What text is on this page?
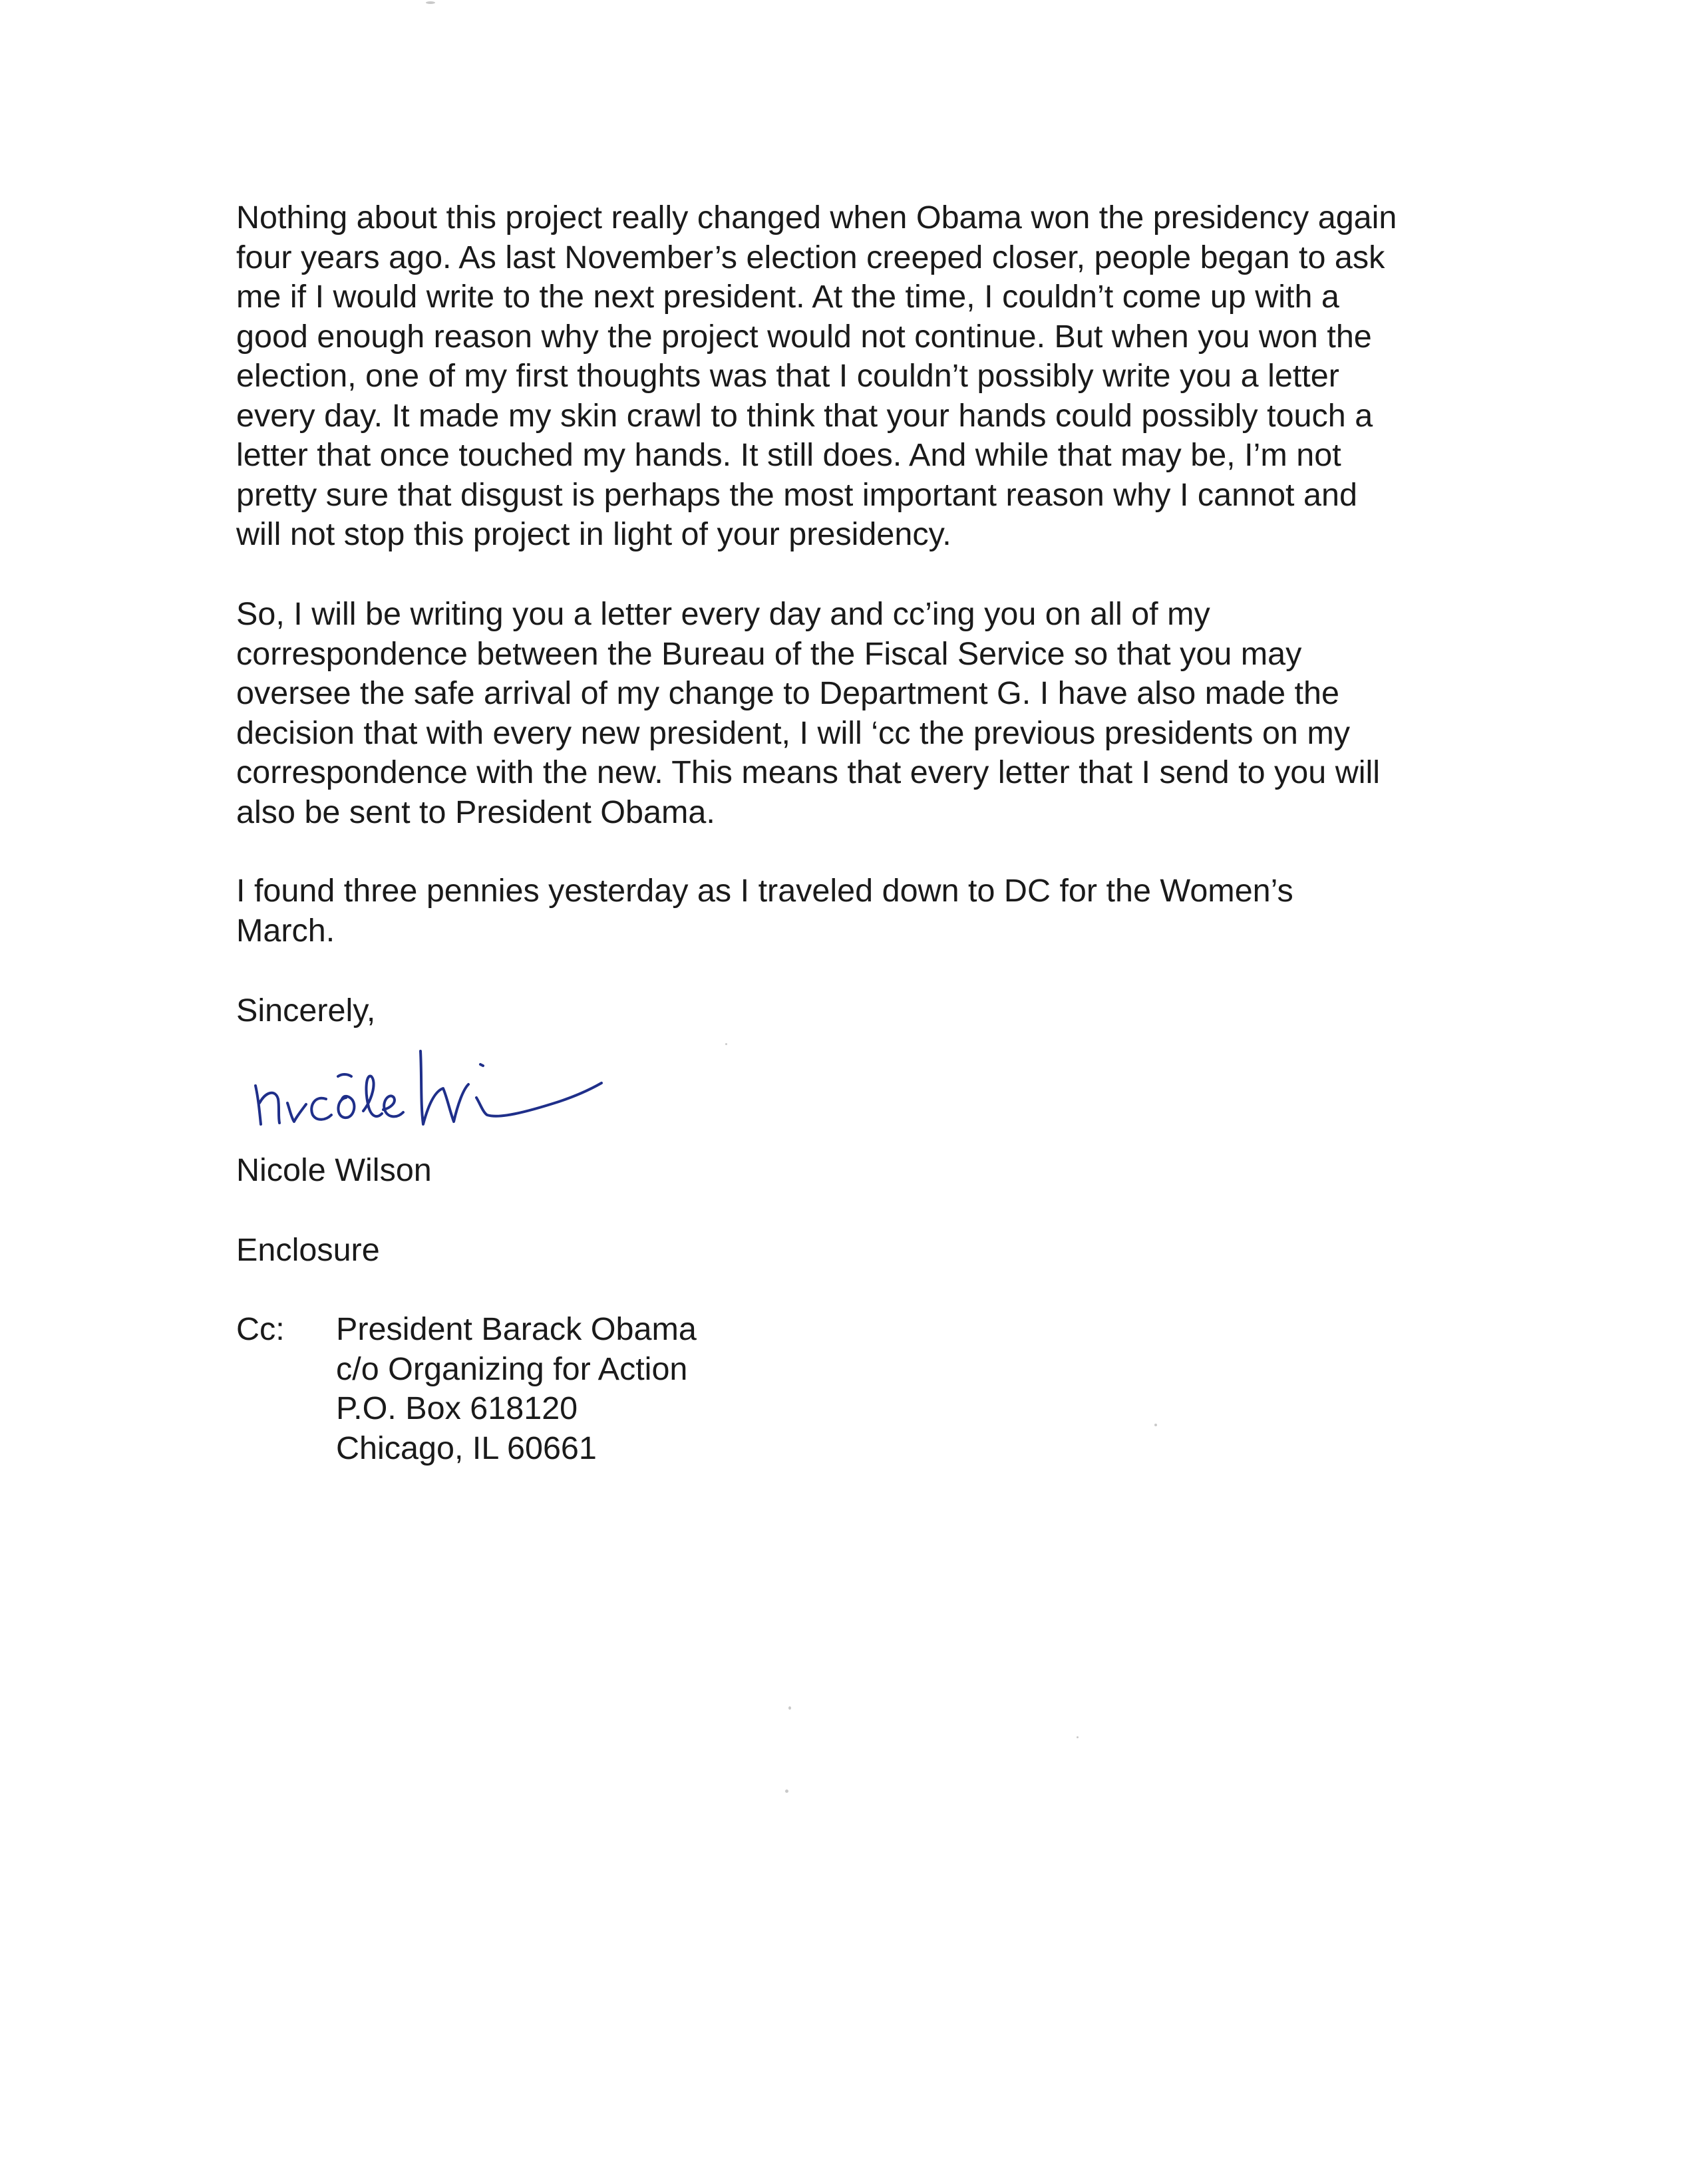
Nothing about this project really changed when Obama won the presidency again
four years ago. As last November’s election creeped closer, people began to ask
me if I would write to the next president. At the time, I couldn’t come up with a
good enough reason why the project would not continue. But when you won the
election, one of my first thoughts was that I couldn’t possibly write you a letter
every day. It made my skin crawl to think that your hands could possibly touch a
letter that once touched my hands. It still does. And while that may be, I’m not
pretty sure that disgust is perhaps the most important reason why I cannot and
will not stop this project in light of your presidency.
So, I will be writing you a letter every day and cc’ing you on all of my
correspondence between the Bureau of the Fiscal Service so that you may
oversee the safe arrival of my change to Department G. I have also made the
decision that with every new president, I will ‘cc the previous presidents on my
correspondence with the new. This means that every letter that I send to you will
also be sent to President Obama.
I found three pennies yesterday as I traveled down to DC for the Women’s
March.
Sincerely,
Nicole Wilson
Enclosure
Cc: President Barack Obama
c/o Organizing for Action
P.O. Box 618120
Chicago, IL 60661
